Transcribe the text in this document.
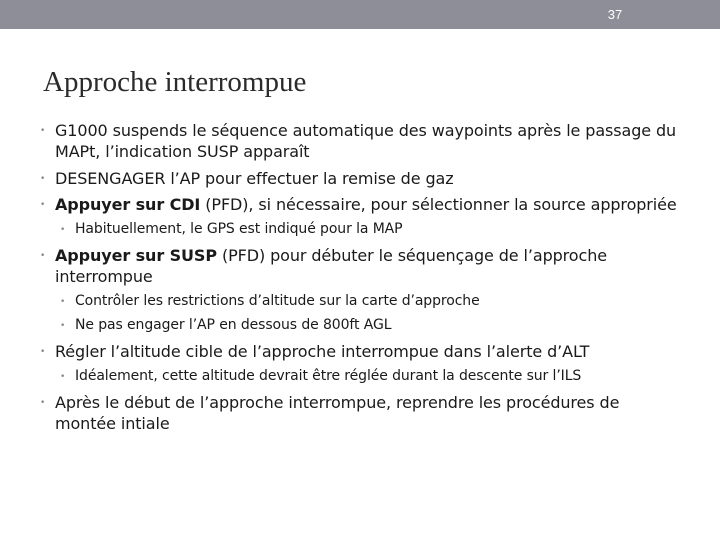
37
Approche interrompue
• G1000 suspends le séquence automatique des waypoints après le passage du MAPt, l’indication SUSP apparaît
• DESENGAGER l’AP pour effectuer la remise de gaz
• Appuyer sur CDI (PFD), si nécessaire, pour sélectionner la source appropriée
• Habituellement, le GPS est indiqué pour la MAP
• Appuyer sur SUSP (PFD) pour débuter le séquençage de l’approche interrompue
• Contrôler les restrictions d’altitude sur la carte d’approche
• Ne pas engager l’AP en dessous de 800ft AGL
• Régler l’altitude cible de l’approche interrompue dans l’alerte d’ALT
• Idéalement, cette altitude devrait être réglée durant la descente sur l’ILS
• Après le début de l’approche interrompue, reprendre les procédures de montée intiale
